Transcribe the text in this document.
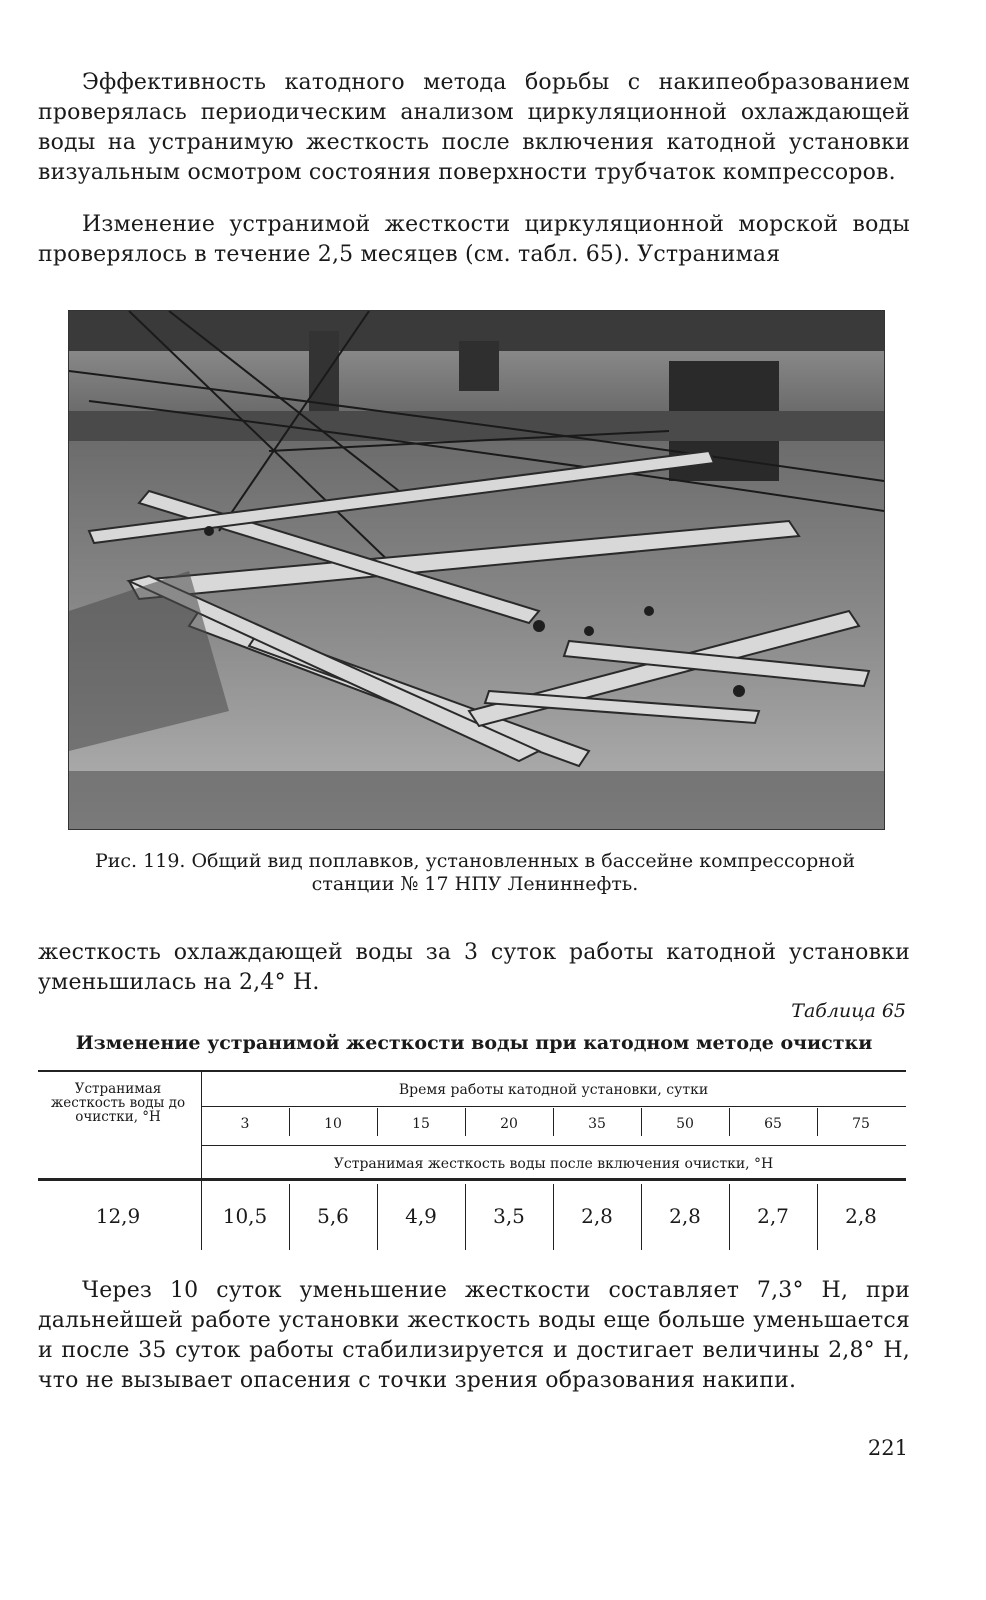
Эффективность катодного метода борьбы с накипеобразованием проверялась периодическим анализом циркуляционной охлаждающей воды на устранимую жесткость после включения катодной установки визуальным осмотром состояния поверхности трубчаток компрессоров.

Изменение устранимой жесткости циркуляционной морской воды проверялось в течение 2,5 месяцев (см. табл. 65). Устранимая

Рис. 119. Общий вид поплавков, установленных в бассейне компрессорной станции № 17 НПУ Лениннефть.

жесткость охлаждающей воды за 3 суток работы катодной установки уменьшилась на 2,4° Н.

Таблица 65

Изменение устранимой жесткости воды при катодном методе очистки

Устранимая жесткость воды до очистки, °Н
Время работы катодной установки, сутки
Устранимая жесткость воды после включения очистки, °Н
3	10	15	20	35	50	65	75
12,9	10,5	5,6	4,9	3,5	2,8	2,8	2,7	2,8

Через 10 суток уменьшение жесткости составляет 7,3° Н, при дальнейшей работе установки жесткость воды еще больше уменьшается и после 35 суток работы стабилизируется и достигает величины 2,8° Н, что не вызывает опасения с точки зрения образования накипи.

221
